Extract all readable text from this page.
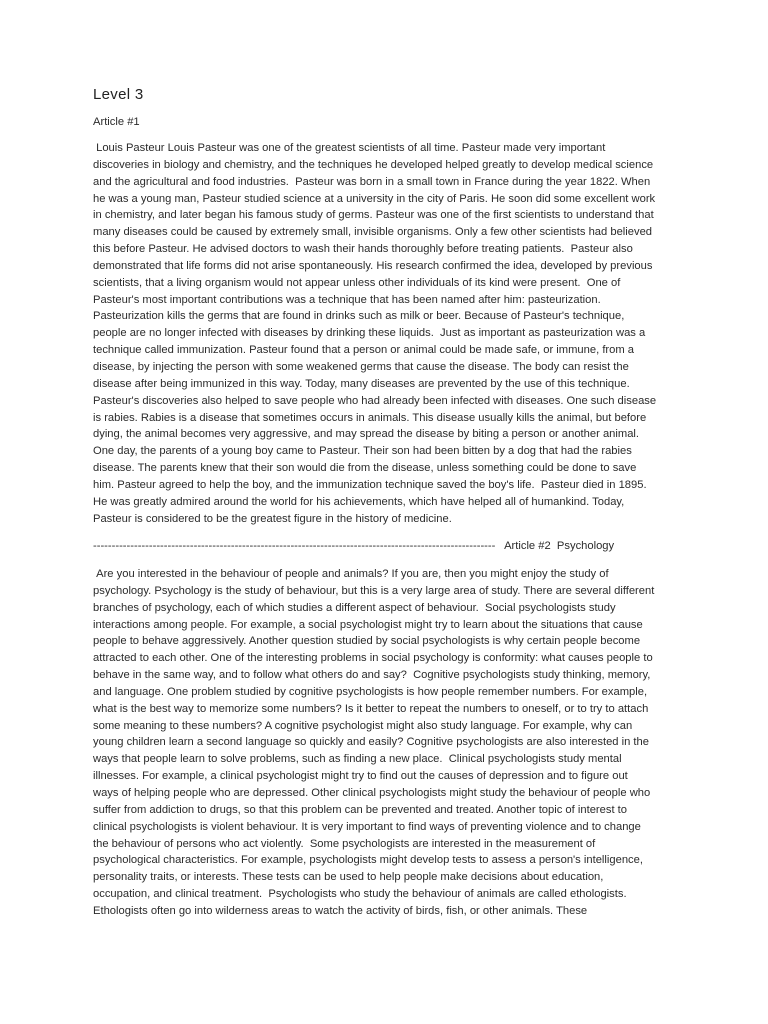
Level 3
Article #1
Louis Pasteur Louis Pasteur was one of the greatest scientists of all time. Pasteur made very important
discoveries in biology and chemistry, and the techniques he developed helped greatly to develop medical science
and the agricultural and food industries.  Pasteur was born in a small town in France during the year 1822. When
he was a young man, Pasteur studied science at a university in the city of Paris. He soon did some excellent work
in chemistry, and later began his famous study of germs. Pasteur was one of the first scientists to understand that
many diseases could be caused by extremely small, invisible organisms. Only a few other scientists had believed
this before Pasteur. He advised doctors to wash their hands thoroughly before treating patients.  Pasteur also
demonstrated that life forms did not arise spontaneously. His research confirmed the idea, developed by previous
scientists, that a living organism would not appear unless other individuals of its kind were present.  One of
Pasteur's most important contributions was a technique that has been named after him: pasteurization.
Pasteurization kills the germs that are found in drinks such as milk or beer. Because of Pasteur's technique,
people are no longer infected with diseases by drinking these liquids.  Just as important as pasteurization was a
technique called immunization. Pasteur found that a person or animal could be made safe, or immune, from a
disease, by injecting the person with some weakened germs that cause the disease. The body can resist the
disease after being immunized in this way. Today, many diseases are prevented by the use of this technique.
Pasteur's discoveries also helped to save people who had already been infected with diseases. One such disease
is rabies. Rabies is a disease that sometimes occurs in animals. This disease usually kills the animal, but before
dying, the animal becomes very aggressive, and may spread the disease by biting a person or another animal.
One day, the parents of a young boy came to Pasteur. Their son had been bitten by a dog that had the rabies
disease. The parents knew that their son would die from the disease, unless something could be done to save
him. Pasteur agreed to help the boy, and the immunization technique saved the boy's life.  Pasteur died in 1895.
He was greatly admired around the world for his achievements, which have helped all of humankind. Today,
Pasteur is considered to be the greatest figure in the history of medicine.
------------------------------------------------------------------------------------------------------------   Article #2  Psychology
Are you interested in the behaviour of people and animals? If you are, then you might enjoy the study of
psychology. Psychology is the study of behaviour, but this is a very large area of study. There are several different
branches of psychology, each of which studies a different aspect of behaviour.  Social psychologists study
interactions among people. For example, a social psychologist might try to learn about the situations that cause
people to behave aggressively. Another question studied by social psychologists is why certain people become
attracted to each other. One of the interesting problems in social psychology is conformity: what causes people to
behave in the same way, and to follow what others do and say?  Cognitive psychologists study thinking, memory,
and language. One problem studied by cognitive psychologists is how people remember numbers. For example,
what is the best way to memorize some numbers? Is it better to repeat the numbers to oneself, or to try to attach
some meaning to these numbers? A cognitive psychologist might also study language. For example, why can
young children learn a second language so quickly and easily? Cognitive psychologists are also interested in the
ways that people learn to solve problems, such as finding a new place.  Clinical psychologists study mental
illnesses. For example, a clinical psychologist might try to find out the causes of depression and to figure out
ways of helping people who are depressed. Other clinical psychologists might study the behaviour of people who
suffer from addiction to drugs, so that this problem can be prevented and treated. Another topic of interest to
clinical psychologists is violent behaviour. It is very important to find ways of preventing violence and to change
the behaviour of persons who act violently.  Some psychologists are interested in the measurement of
psychological characteristics. For example, psychologists might develop tests to assess a person's intelligence,
personality traits, or interests. These tests can be used to help people make decisions about education,
occupation, and clinical treatment.  Psychologists who study the behaviour of animals are called ethologists.
Ethologists often go into wilderness areas to watch the activity of birds, fish, or other animals. These
